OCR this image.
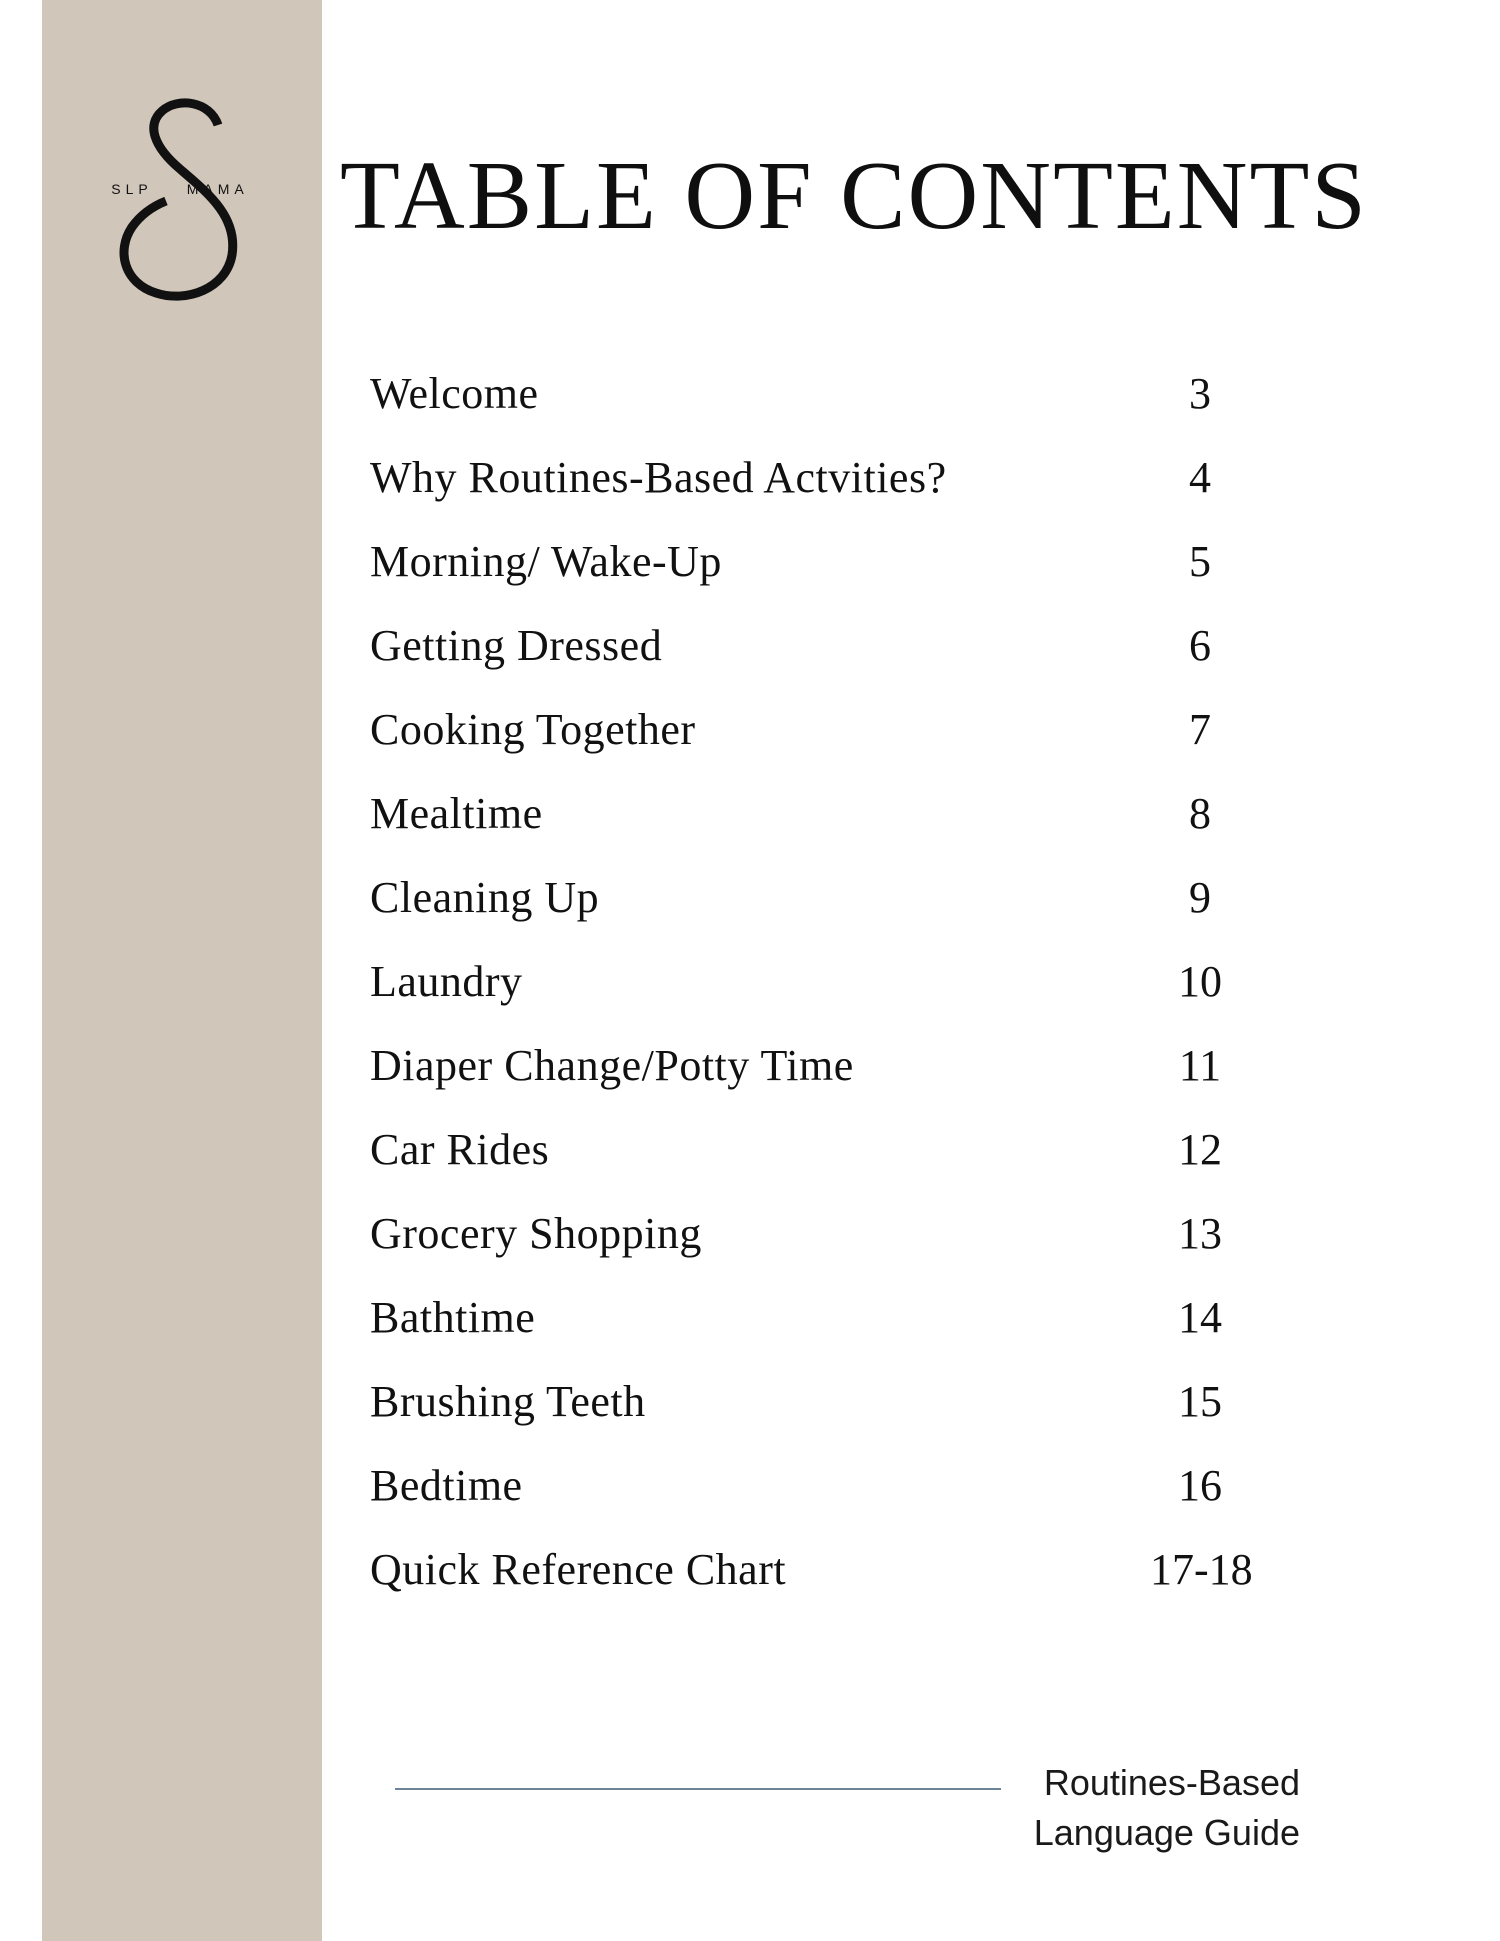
SLP MAMA TABLE OF CONTENTS
Welcome	3
Why Routines-Based Actvities?	4
Morning/ Wake-Up	5
Getting Dressed	6
Cooking Together	7
Mealtime	8
Cleaning Up	9
Laundry	10
Diaper Change/Potty Time	11
Car Rides	12
Grocery Shopping	13
Bathtime	14
Brushing Teeth	15
Bedtime	16
Quick Reference Chart	17-18
Routines-Based
Language Guide
